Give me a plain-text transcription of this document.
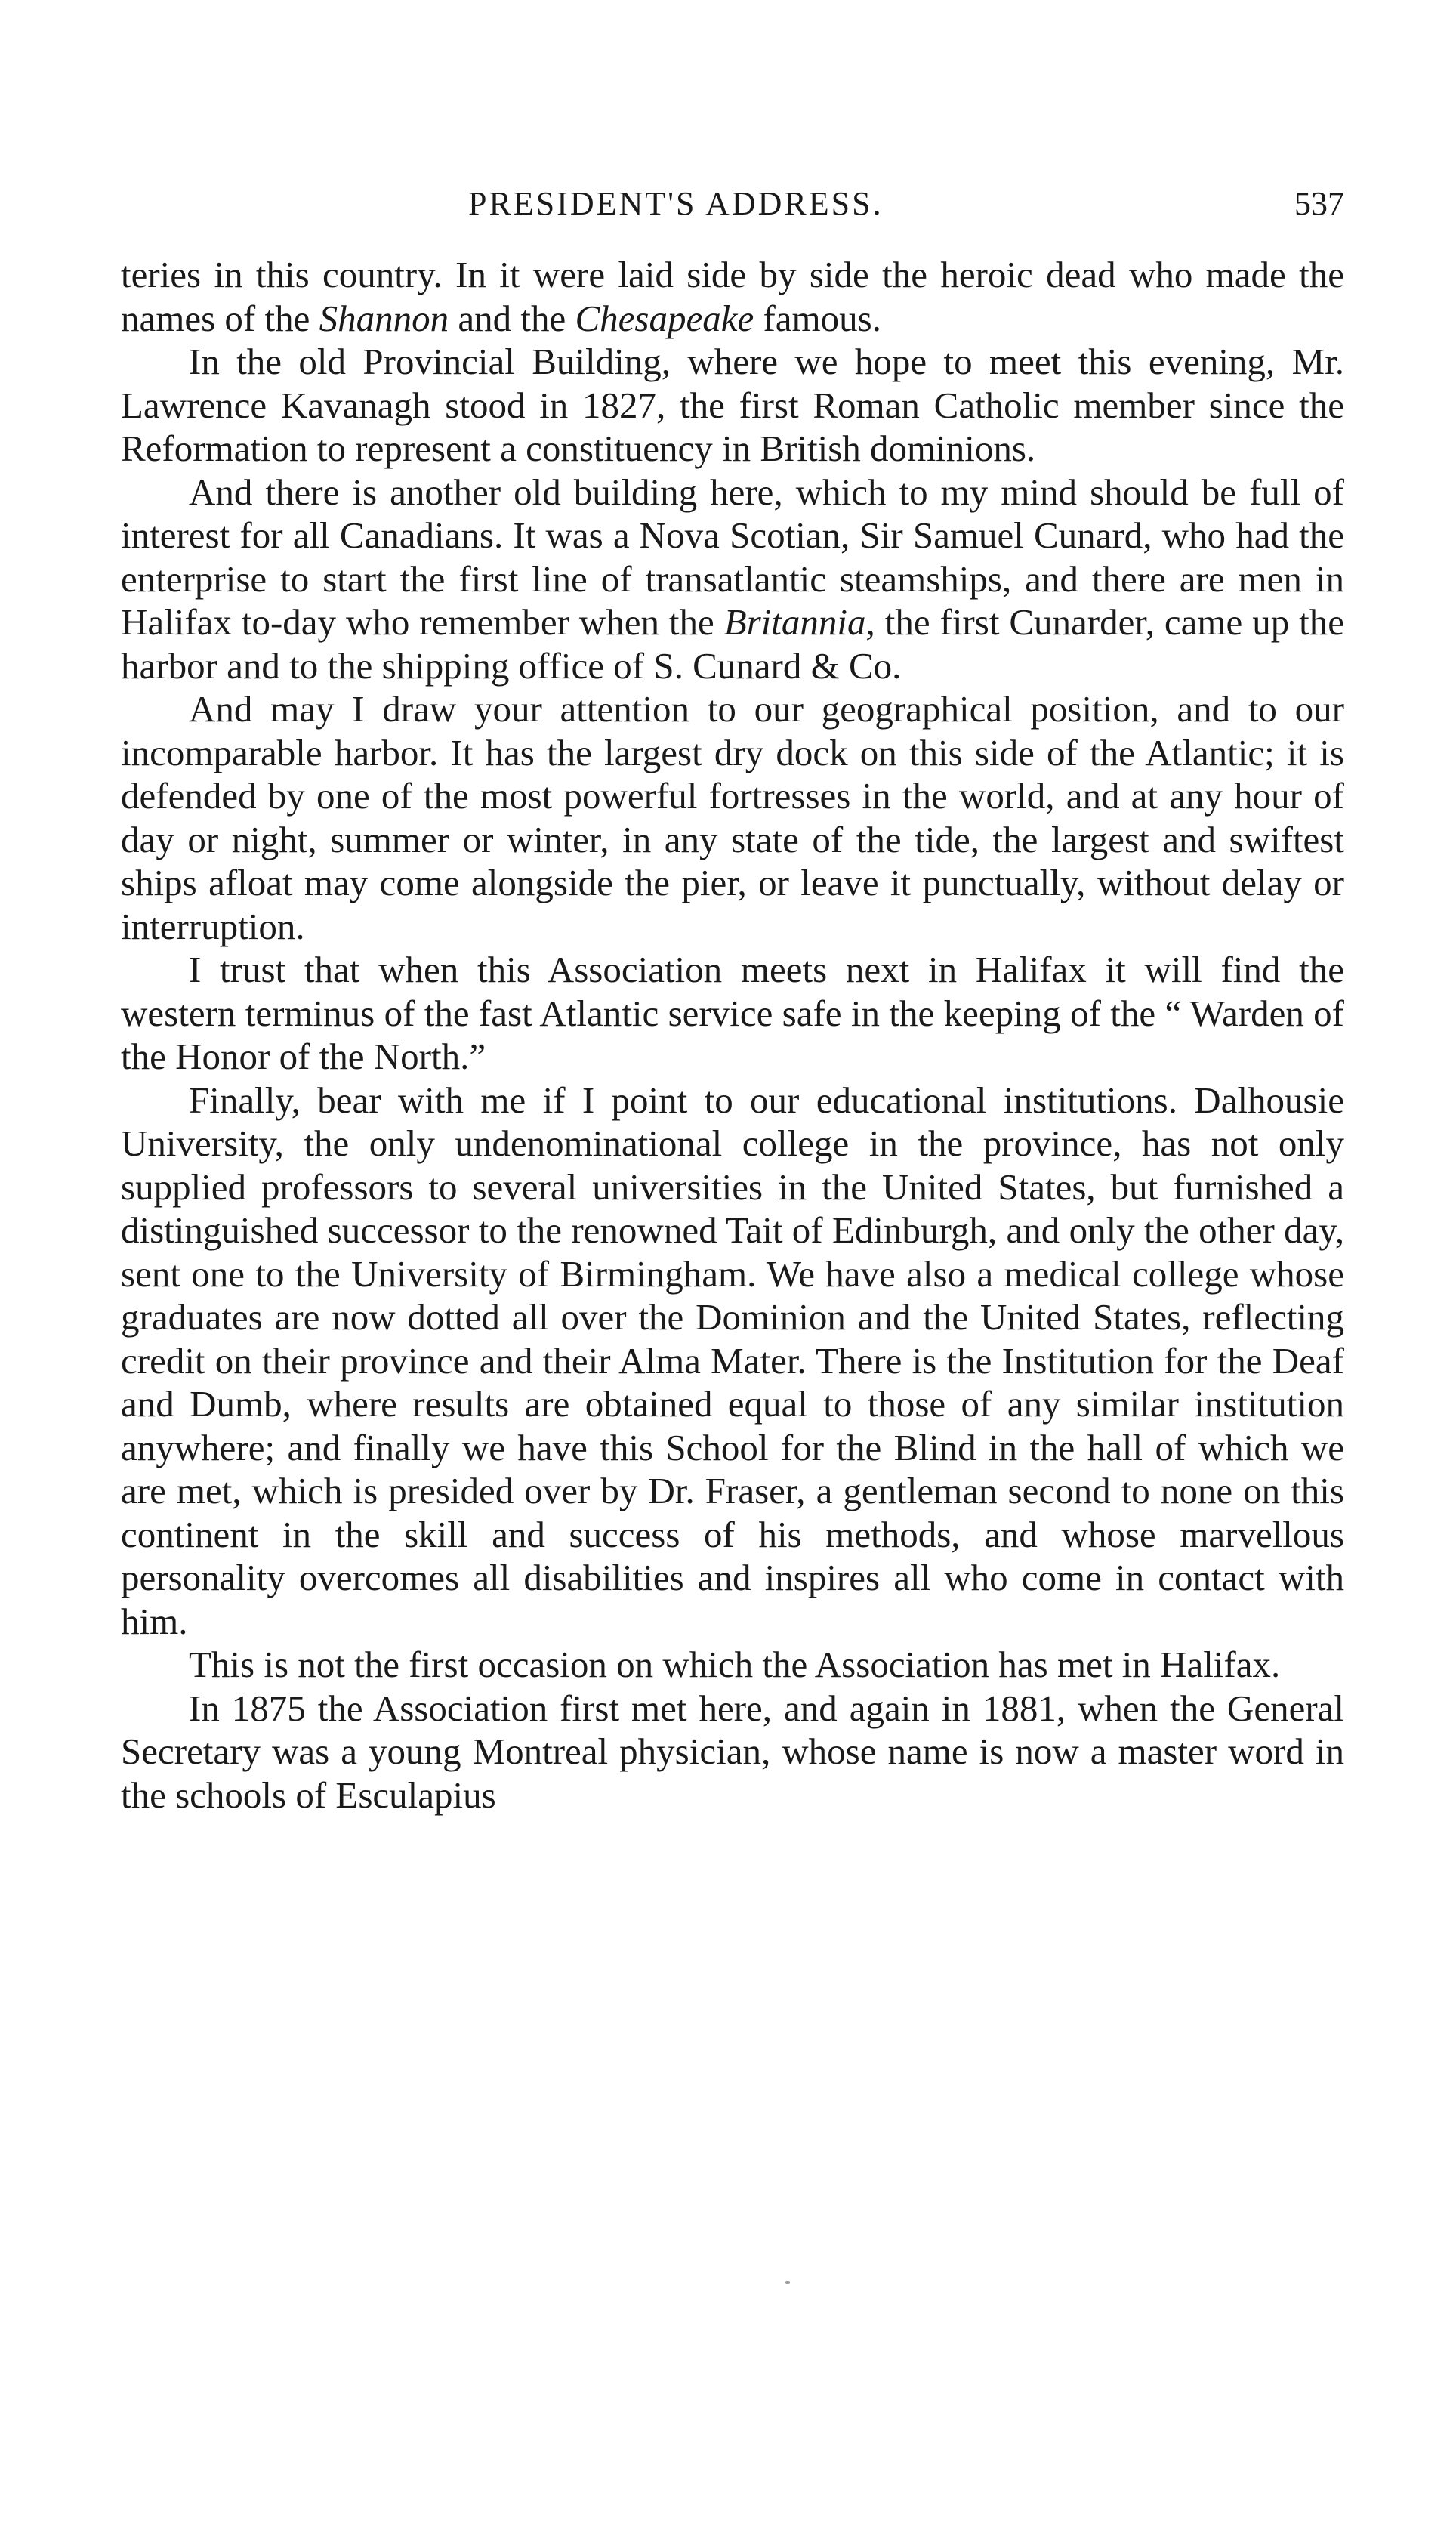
PRESIDENT'S ADDRESS.	537

teries in this country. In it were laid side by side the heroic dead who made the names of the Shannon and the Chesapeake famous.

In the old Provincial Building, where we hope to meet this evening, Mr. Lawrence Kavanagh stood in 1827, the first Roman Catholic member since the Reformation to represent a constituency in British dominions.

And there is another old building here, which to my mind should be full of interest for all Canadians. It was a Nova Scotian, Sir Samuel Cunard, who had the enterprise to start the first line of transatlantic steamships, and there are men in Halifax to-day who remember when the Britannia, the first Cunarder, came up the harbor and to the shipping office of S. Cunard & Co.

And may I draw your attention to our geographical position, and to our incomparable harbor. It has the largest dry dock on this side of the Atlantic; it is defended by one of the most powerful fortresses in the world, and at any hour of day or night, summer or winter, in any state of the tide, the largest and swiftest ships afloat may come alongside the pier, or leave it punctually, without delay or interruption.

I trust that when this Association meets next in Halifax it will find the western terminus of the fast Atlantic service safe in the keeping of the “ Warden of the Honor of the North.”

Finally, bear with me if I point to our educational institutions. Dalhousie University, the only undenominational college in the province, has not only supplied professors to several universities in the United States, but furnished a distinguished successor to the renowned Tait of Edinburgh, and only the other day, sent one to the University of Birmingham. We have also a medical college whose graduates are now dotted all over the Dominion and the United States, reflecting credit on their province and their Alma Mater. There is the Institution for the Deaf and Dumb, where results are obtained equal to those of any similar institution anywhere; and finally we have this School for the Blind in the hall of which we are met, which is presided over by Dr. Fraser, a gentleman second to none on this continent in the skill and success of his methods, and whose marvellous personality overcomes all disabilities and inspires all who come in contact with him.

This is not the first occasion on which the Association has met in Halifax.

In 1875 the Association first met here, and again in 1881, when the General Secretary was a young Montreal physician, whose name is now a master word in the schools of Esculapius
